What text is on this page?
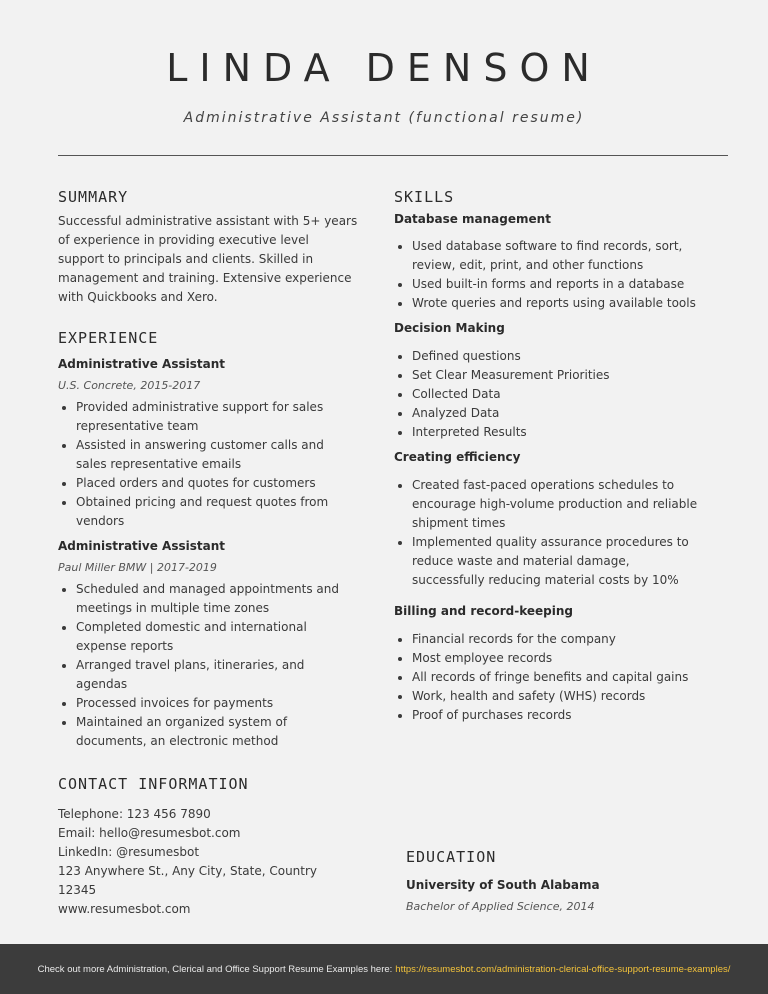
LINDA DENSON
Administrative Assistant (functional resume)
SUMMARY

Successful administrative assistant with 5+ years of experience in providing executive level support to principals and clients. Skilled in management and training. Extensive experience with Quickbooks and Xero.

EXPERIENCE

Administrative Assistant

U.S. Concrete, 2015-2017

• Provided administrative support for sales representative team
• Assisted in answering customer calls and sales representative emails
• Placed orders and quotes for customers
• Obtained pricing and request quotes from vendors

Administrative Assistant

Paul Miller BMW | 2017-2019

• Scheduled and managed appointments and meetings in multiple time zones
• Completed domestic and international expense reports
• Arranged travel plans, itineraries, and agendas
• Processed invoices for payments
• Maintained an organized system of documents, an electronic method
CONTACT INFORMATION

Telephone: 123 456 7890

Email: hello@resumesbot.com

LinkedIn: @resumesbot

123 Anywhere St., Any City, State, Country 12345

www.resumesbot.com

SKILLS

Database management

• Used database software to find records, sort, review, edit, print, and other functions
• Used built-in forms and reports in a database
• Wrote queries and reports using available tools

Decision Making

• Defined questions
• Set Clear Measurement Priorities
• Collected Data
• Analyzed Data
• Interpreted Results

Creating efficiency

• Created fast-paced operations schedules to encourage high-volume production and reliable shipment times
• Implemented quality assurance procedures to reduce waste and material damage, successfully reducing material costs by 10%

Billing and record-keeping

• Financial records for the company
• Most employee records
• All records of fringe benefits and capital gains
• Work, health and safety (WHS) records
• Proof of purchases records
EDUCATION

University of South Alabama

Bachelor of Applied Science, 2014

Check out more Administration, Clerical and Office Support Resume Examples here: https://resumesbot.com/administration-clerical-office-support-resume-examples/
